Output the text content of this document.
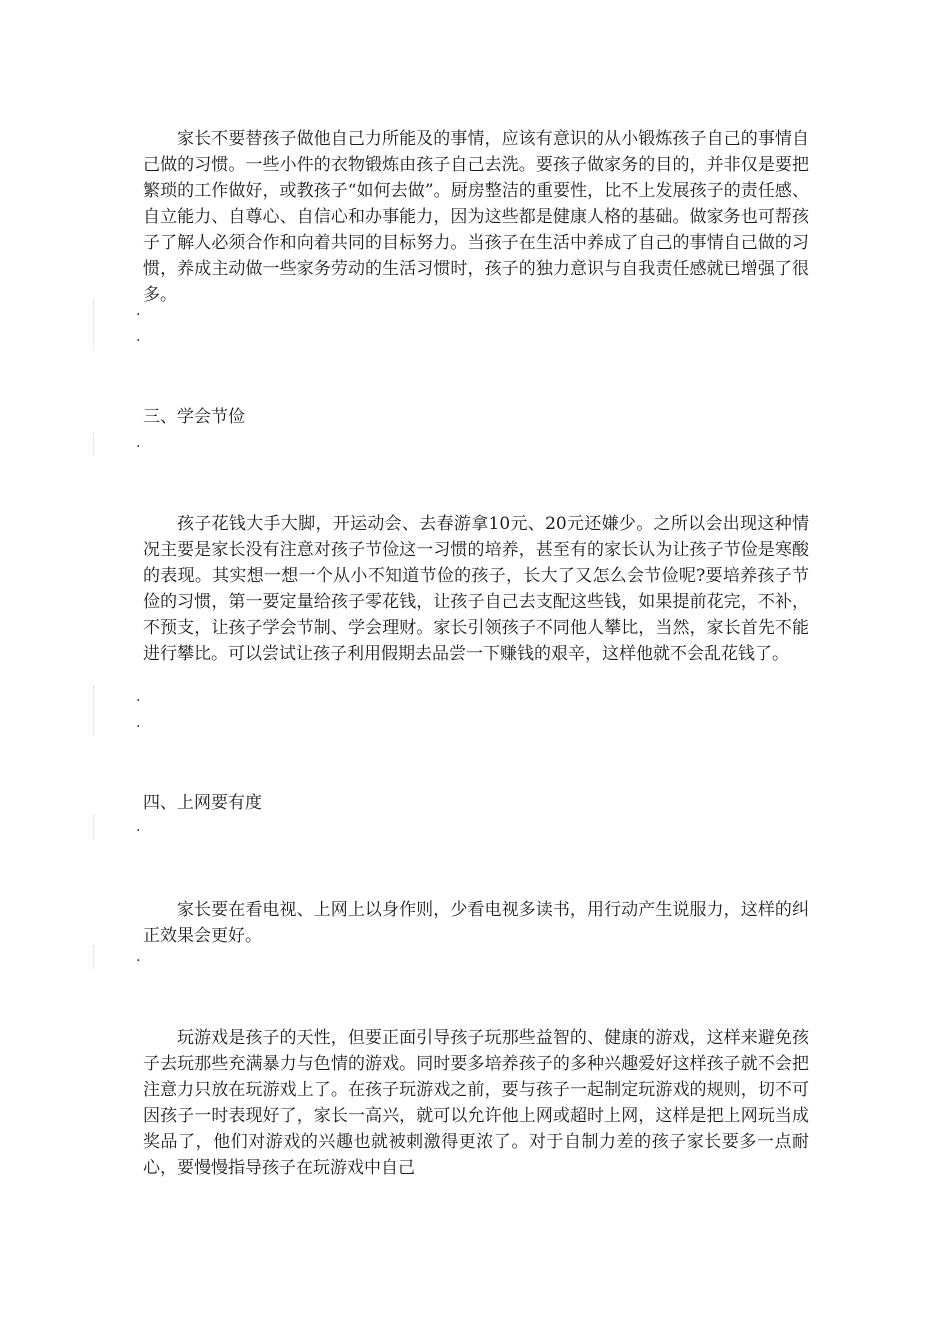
家长不要替孩子做他自己力所能及的事情，应该有意识的从小锻炼孩子自己的事情自己做的习惯。一些小件的衣物锻炼由孩子自己去洗。要孩子做家务的目的，并非仅是要把繁琐的工作做好，或教孩子“如何去做”。厨房整洁的重要性，比不上发展孩子的责任感、自立能力、自尊心、自信心和办事能力，因为这些都是健康人格的基础。做家务也可帮孩子了解人必须合作和向着共同的目标努力。当孩子在生活中养成了自己的事情自己做的习惯，养成主动做一些家务劳动的生活习惯时，孩子的独力意识与自我责任感就已增强了很多。

·
·
三、学会节俭
·

孩子花钱大手大脚，开运动会、去春游拿10元、20元还嫌少。之所以会出现这种情况主要是家长没有注意对孩子节俭这一习惯的培养，甚至有的家长认为让孩子节俭是寒酸的表现。其实想一想一个从小不知道节俭的孩子，长大了又怎么会节俭呢?要培养孩子节俭的习惯，第一要定量给孩子零花钱，让孩子自己去支配这些钱，如果提前花完，不补，不预支，让孩子学会节制、学会理财。家长引领孩子不同他人攀比，当然，家长首先不能进行攀比。可以尝试让孩子利用假期去品尝一下赚钱的艰辛，这样他就不会乱花钱了。

·
·
四、上网要有度
·

家长要在看电视、上网上以身作则，少看电视多读书，用行动产生说服力，这样的纠正效果会更好。

·

玩游戏是孩子的天性，但要正面引导孩子玩那些益智的、健康的游戏，这样来避免孩子去玩那些充满暴力与色情的游戏。同时要多培养孩子的多种兴趣爱好这样孩子就不会把注意力只放在玩游戏上了。在孩子玩游戏之前，要与孩子一起制定玩游戏的规则，切不可因孩子一时表现好了，家长一高兴，就可以允许他上网或超时上网，这样是把上网玩当成奖品了，他们对游戏的兴趣也就被刺激得更浓了。对于自制力差的孩子家长要多一点耐心，要慢慢指导孩子在玩游戏中自己
